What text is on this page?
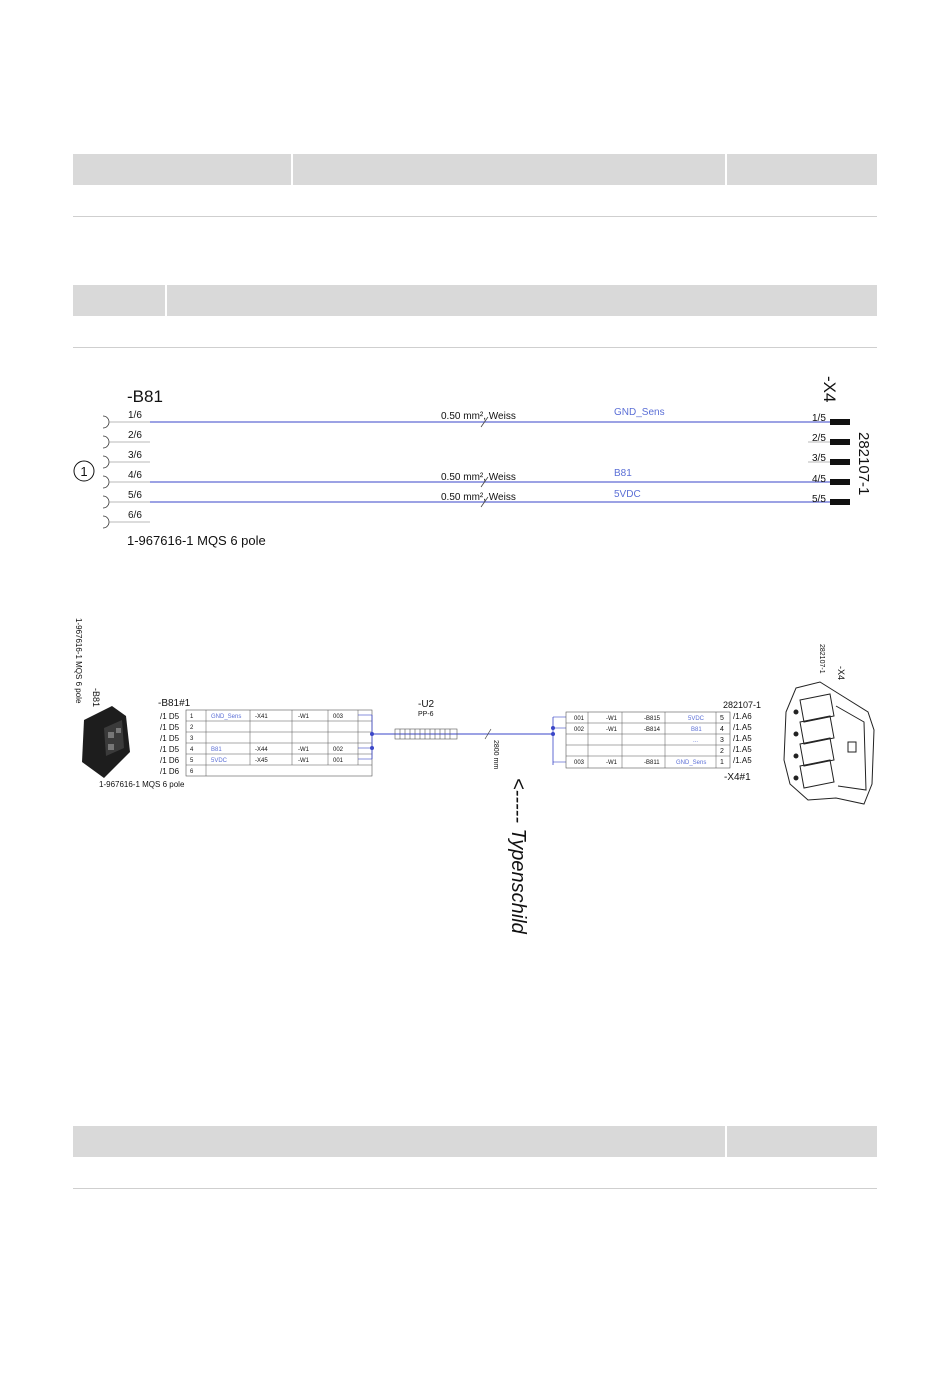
-B81
1-967616-1 MQS 6 pole
1
1/6
2/6
3/6
4/6
5/6
6/6
0.50 mm², Weiss
0.50 mm², Weiss
0.50 mm², Weiss
GND_Sens
B81
5VDC
1/5
2/5
3/5
4/5
5/5
-X4
282107-1
1-967616-1 MQS 6 pole -B81
1-967616-1 MQS 6 pole
-B81#1
/1 D5
/1 D5
/1 D5
/1 D5
/1 D6
/1 D6
1
2
3
4
5
6
GND_Sens
B81
5VDC
-X41
-X44
-X45
-W1
-W1
-W1
003
002
001
-U2
PP-6
2800 mm
282107-1
001
002
003
-W1
-W1
-W1
-B815
-B814
-B811
5VDC
B81
...
GND_Sens
5
4
3
2
1
/1.A6
/1.A5
/1.A5
/1.A5
/1.A5
-X4#1
-X4
282107-1
<----- Typenschild
